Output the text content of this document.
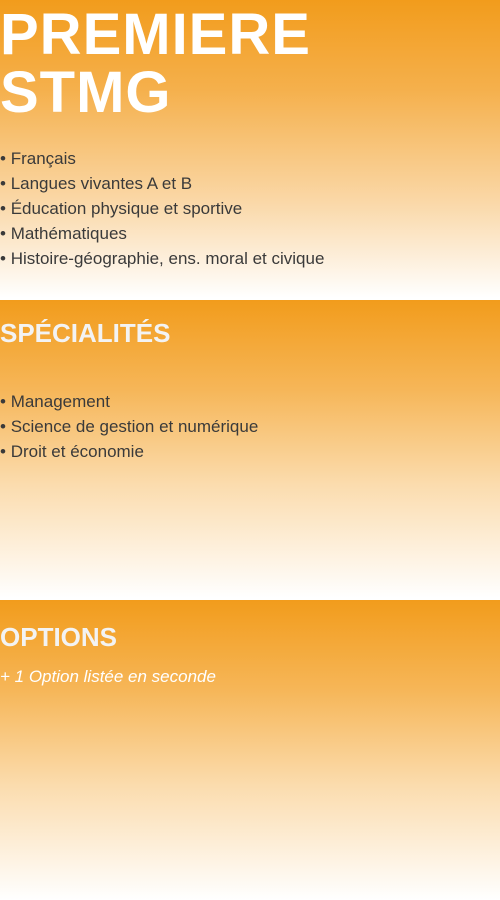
PREMIERE
STMG
• Français
• Langues vivantes A et B
• Éducation physique et sportive
• Mathématiques
• Histoire-géographie, ens. moral et civique
SPÉCIALITÉS
• Management
• Science de gestion et numérique
• Droit et économie
OPTIONS
+ 1 Option listée en seconde
